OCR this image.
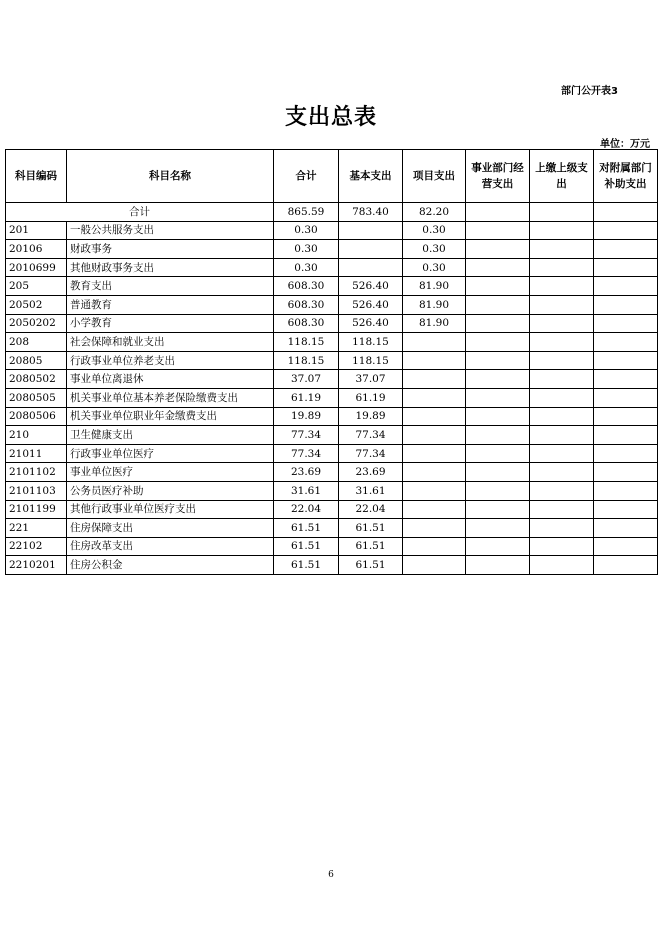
部门公开表3
支出总表
单位：万元
科目编码	科目名称	合计	基本支出	项目支出	事业部门经营支出	上缴上级支出	对附属部门补助支出
合计		865.59	783.40	82.20			
201	一般公共服务支出	0.30		0.30			
20106	财政事务	0.30		0.30			
2010699	其他财政事务支出	0.30		0.30			
205	教育支出	608.30	526.40	81.90			
20502	普通教育	608.30	526.40	81.90			
2050202	小学教育	608.30	526.40	81.90			
208	社会保障和就业支出	118.15	118.15				
20805	行政事业单位养老支出	118.15	118.15				
2080502	事业单位离退休	37.07	37.07				
2080505	机关事业单位基本养老保险缴费支出	61.19	61.19				
2080506	机关事业单位职业年金缴费支出	19.89	19.89				
210	卫生健康支出	77.34	77.34				
21011	行政事业单位医疗	77.34	77.34				
2101102	事业单位医疗	23.69	23.69				
2101103	公务员医疗补助	31.61	31.61				
2101199	其他行政事业单位医疗支出	22.04	22.04				
221	住房保障支出	61.51	61.51				
22102	住房改革支出	61.51	61.51				
2210201	住房公积金	61.51	61.51				
6
